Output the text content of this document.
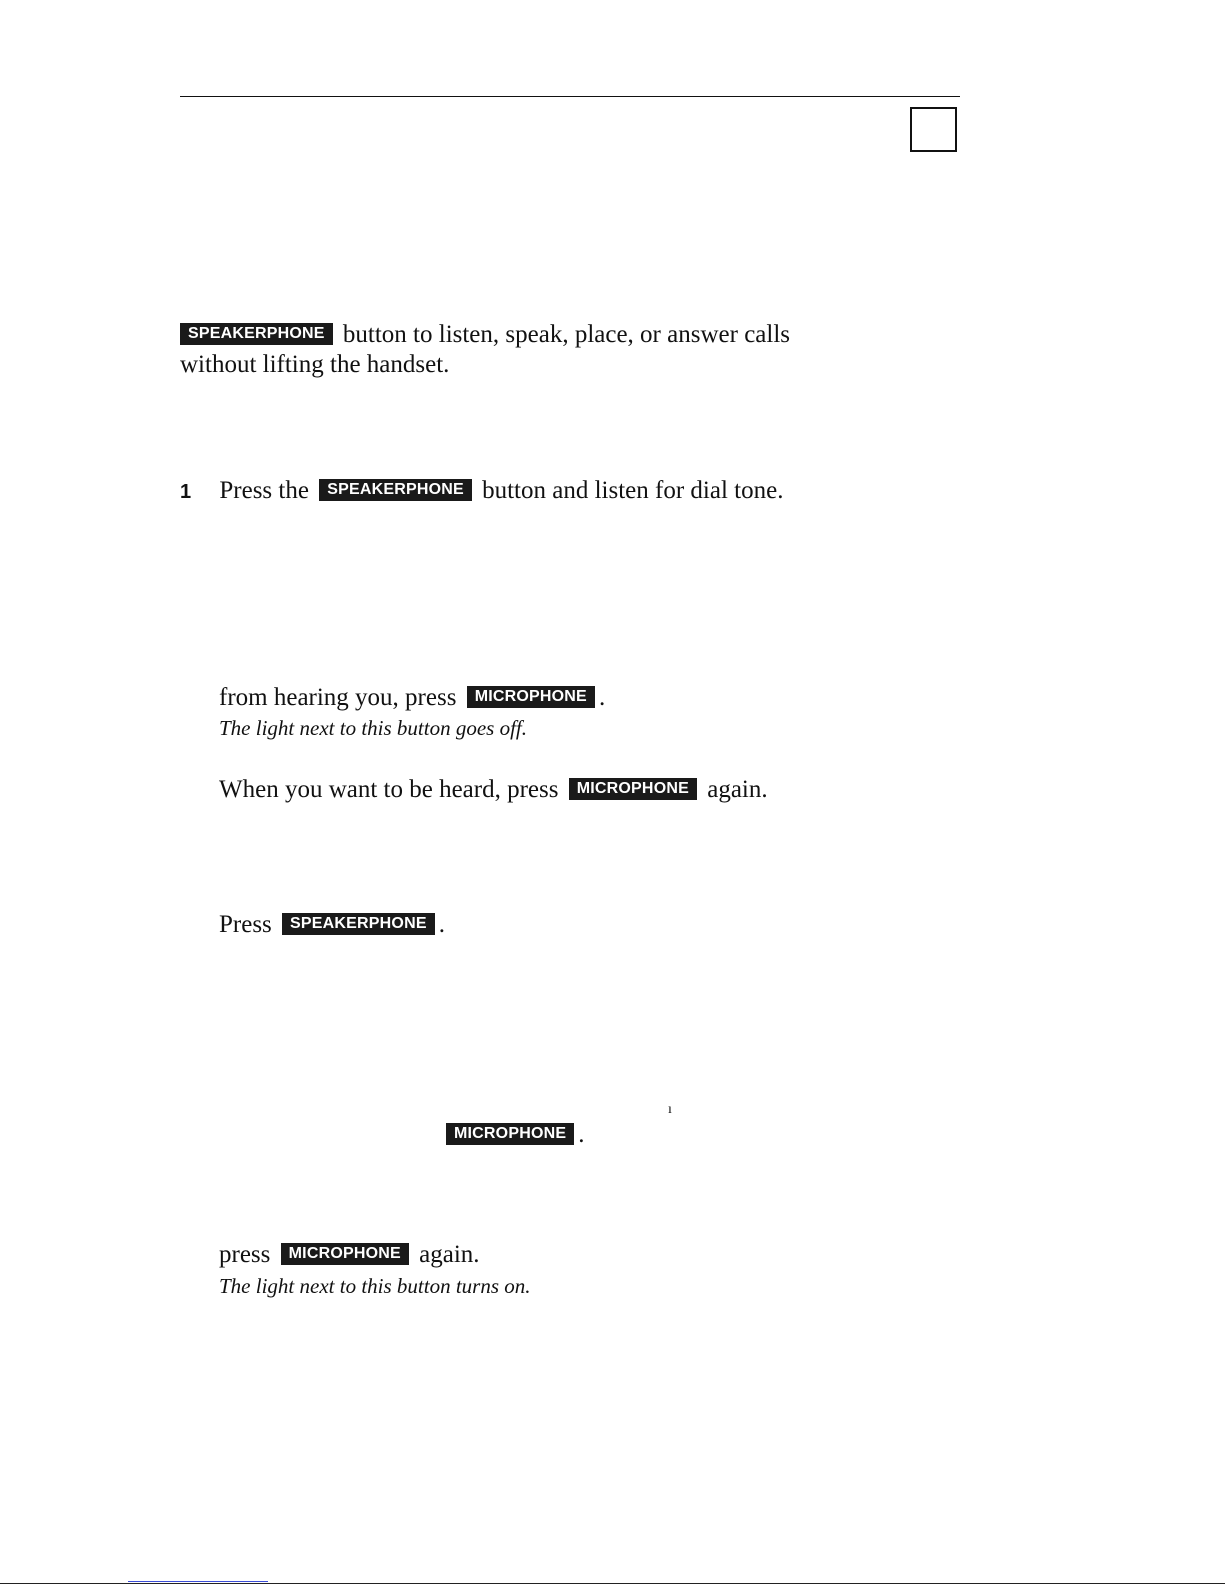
SPEAKERPHONE button to listen, speak, place, or answer calls
without lifting the handset.
1 Press the SPEAKERPHONE button and listen for dial tone.
from hearing you, press MICROPHONE .
The light next to this button goes off.
When you want to be heard, press MICROPHONE again.
Press SPEAKERPHONE .
ı
MICROPHONE .
press MICROPHONE again.
The light next to this button turns on.
